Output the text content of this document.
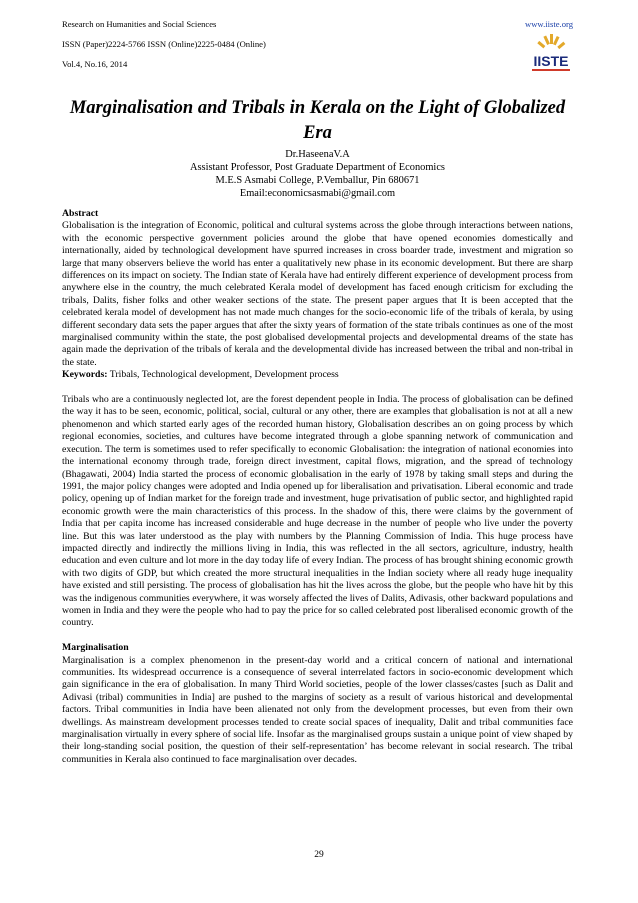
Research on Humanities and Social Sciences
ISSN (Paper)2224-5766 ISSN (Online)2225-0484 (Online)
Vol.4, No.16, 2014
www.iiste.org
IISTE
Marginalisation and Tribals in Kerala on the Light of Globalized Era
Dr.HaseenaV.A
Assistant Professor, Post Graduate Department of Economics
M.E.S Asmabi College, P.Vemballur, Pin 680671
Email:economicsasmabi@gmail.com

Abstract

Globalisation is the integration of Economic, political and cultural systems across the globe through interactions between nations, with the economic perspective government policies around the globe that have opened economies domestically and internationally, aided by technological development have spurred increases in cross boarder trade, investment and migration so large that many observers believe the world has enter a qualitatively new phase in its economic development. But there are sharp differences on its impact on society. The Indian state of Kerala have had entirely different experience of development process from anywhere else in the country, the much celebrated Kerala model of development has faced enough criticism for excluding the tribals, Dalits, fisher folks and other weaker sections of the state. The present paper argues that It is been accepted that the celebrated kerala model of development has not made much changes for the socio-economic life of the tribals of kerala, by using different secondary data sets the paper argues that after the sixty years of formation of the state tribals continues as one of the most marginalised community within the state, the post globalised developmental projects and developmental dreams of the state has again made the deprivation of the tribals of kerala and the developmental divide has increased between the tribal and non-tribal in the state.

Keywords: Tribals, Technological development, Development process

Tribals who are a continuously neglected lot, are the forest dependent people in India. The process of globalisation can be defined the way it has to be seen, economic, political, social, cultural or any other, there are examples that globalisation is not at all a new phenomenon and which started early ages of the recorded human history, Globalisation describes an on going process by which regional economies, societies, and cultures have become integrated through a globe spanning network of communication and execution. The term is sometimes used to refer specifically to economic Globalisation: the integration of national economies into the international economy through trade, foreign direct investment, capital flows, migration, and the spread of technology (Bhagawati, 2004) India started the process of economic globalisation in the early of 1978 by taking small steps and during the 1991, the major policy changes were adopted and India opened up for liberalisation and privatisation. Liberal economic and trade policy, opening up of Indian market for the foreign trade and investment, huge privatisation of public sector, and highlighted rapid economic growth were the main characteristics of this process. In the shadow of this, there were claims by the government of India that per capita income has increased considerable and huge decrease in the number of people who live under the poverty line. But this was later understood as the play with numbers by the Planning Commission of India. This huge process have impacted directly and indirectly the millions living in India, this was reflected in the all sectors, agriculture, industry, health education and even culture and lot more in the day today life of every Indian. The process of has brought shining economic growth with two digits of GDP, but which created the more structural inequalities in the Indian society where all ready huge inequality have existed and still persisting. The process of globalisation has hit the lives across the globe, but the people who have hit by this was the indigenous communities everywhere, it was worsely affected the lives of Dalits, Adivasis, other backward populations and women in India and they were the people who had to pay the price for so called celebrated post liberalised economic growth of the country.

Marginalisation

Marginalisation is a complex phenomenon in the present-day world and a critical concern of national and international communities. Its widespread occurrence is a consequence of several interrelated factors in socio-economic development which gain significance in the era of globalisation. In many Third World societies, people of the lower classes/castes [such as Dalit and Adivasi (tribal) communities in India] are pushed to the margins of society as a result of various historical and developmental factors. Tribal communities in India have been alienated not only from the development processes, but even from their own dwellings. As mainstream development processes tended to create social spaces of inequality, Dalit and tribal communities face marginalisation virtually in every sphere of social life. Insofar as the marginalised groups sustain a unique point of view shaped by their long-standing social position, the question of their self-representation’ has become relevant in social research. The tribal communities in Kerala also continued to face marginalisation over decades.

29
